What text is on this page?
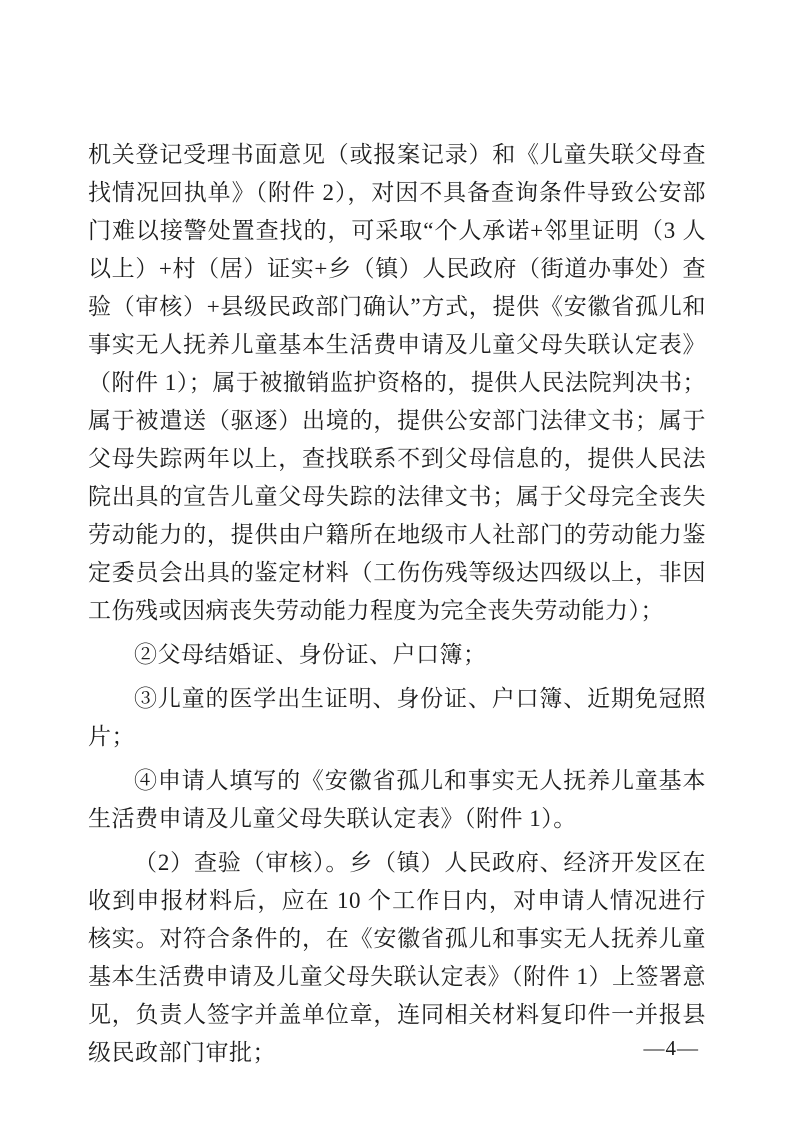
机关登记受理书面意见（或报案记录）和《儿童失联父母查找情况回执单》（附件 2），对因不具备查询条件导致公安部门难以接警处置查找的，可采取“个人承诺+邻里证明（3 人以上）+村（居）证实+乡（镇）人民政府（街道办事处）查验（审核）+县级民政部门确认”方式，提供《安徽省孤儿和事实无人抚养儿童基本生活费申请及儿童父母失联认定表》（附件 1）；属于被撤销监护资格的，提供人民法院判决书；属于被遣送（驱逐）出境的，提供公安部门法律文书；属于父母失踪两年以上，查找联系不到父母信息的，提供人民法院出具的宣告儿童父母失踪的法律文书；属于父母完全丧失劳动能力的，提供由户籍所在地级市人社部门的劳动能力鉴定委员会出具的鉴定材料（工伤伤残等级达四级以上，非因工伤残或因病丧失劳动能力程度为完全丧失劳动能力）；

②父母结婚证、身份证、户口簿；

③儿童的医学出生证明、身份证、户口簿、近期免冠照片；

④申请人填写的《安徽省孤儿和事实无人抚养儿童基本生活费申请及儿童父母失联认定表》（附件 1）。

（2）查验（审核）。乡（镇）人民政府、经济开发区在收到申报材料后，应在 10 个工作日内，对申请人情况进行核实。对符合条件的，在《安徽省孤儿和事实无人抚养儿童基本生活费申请及儿童父母失联认定表》（附件 1）上签署意见，负责人签字并盖单位章，连同相关材料复印件一并报县级民政部门审批；	—4—
